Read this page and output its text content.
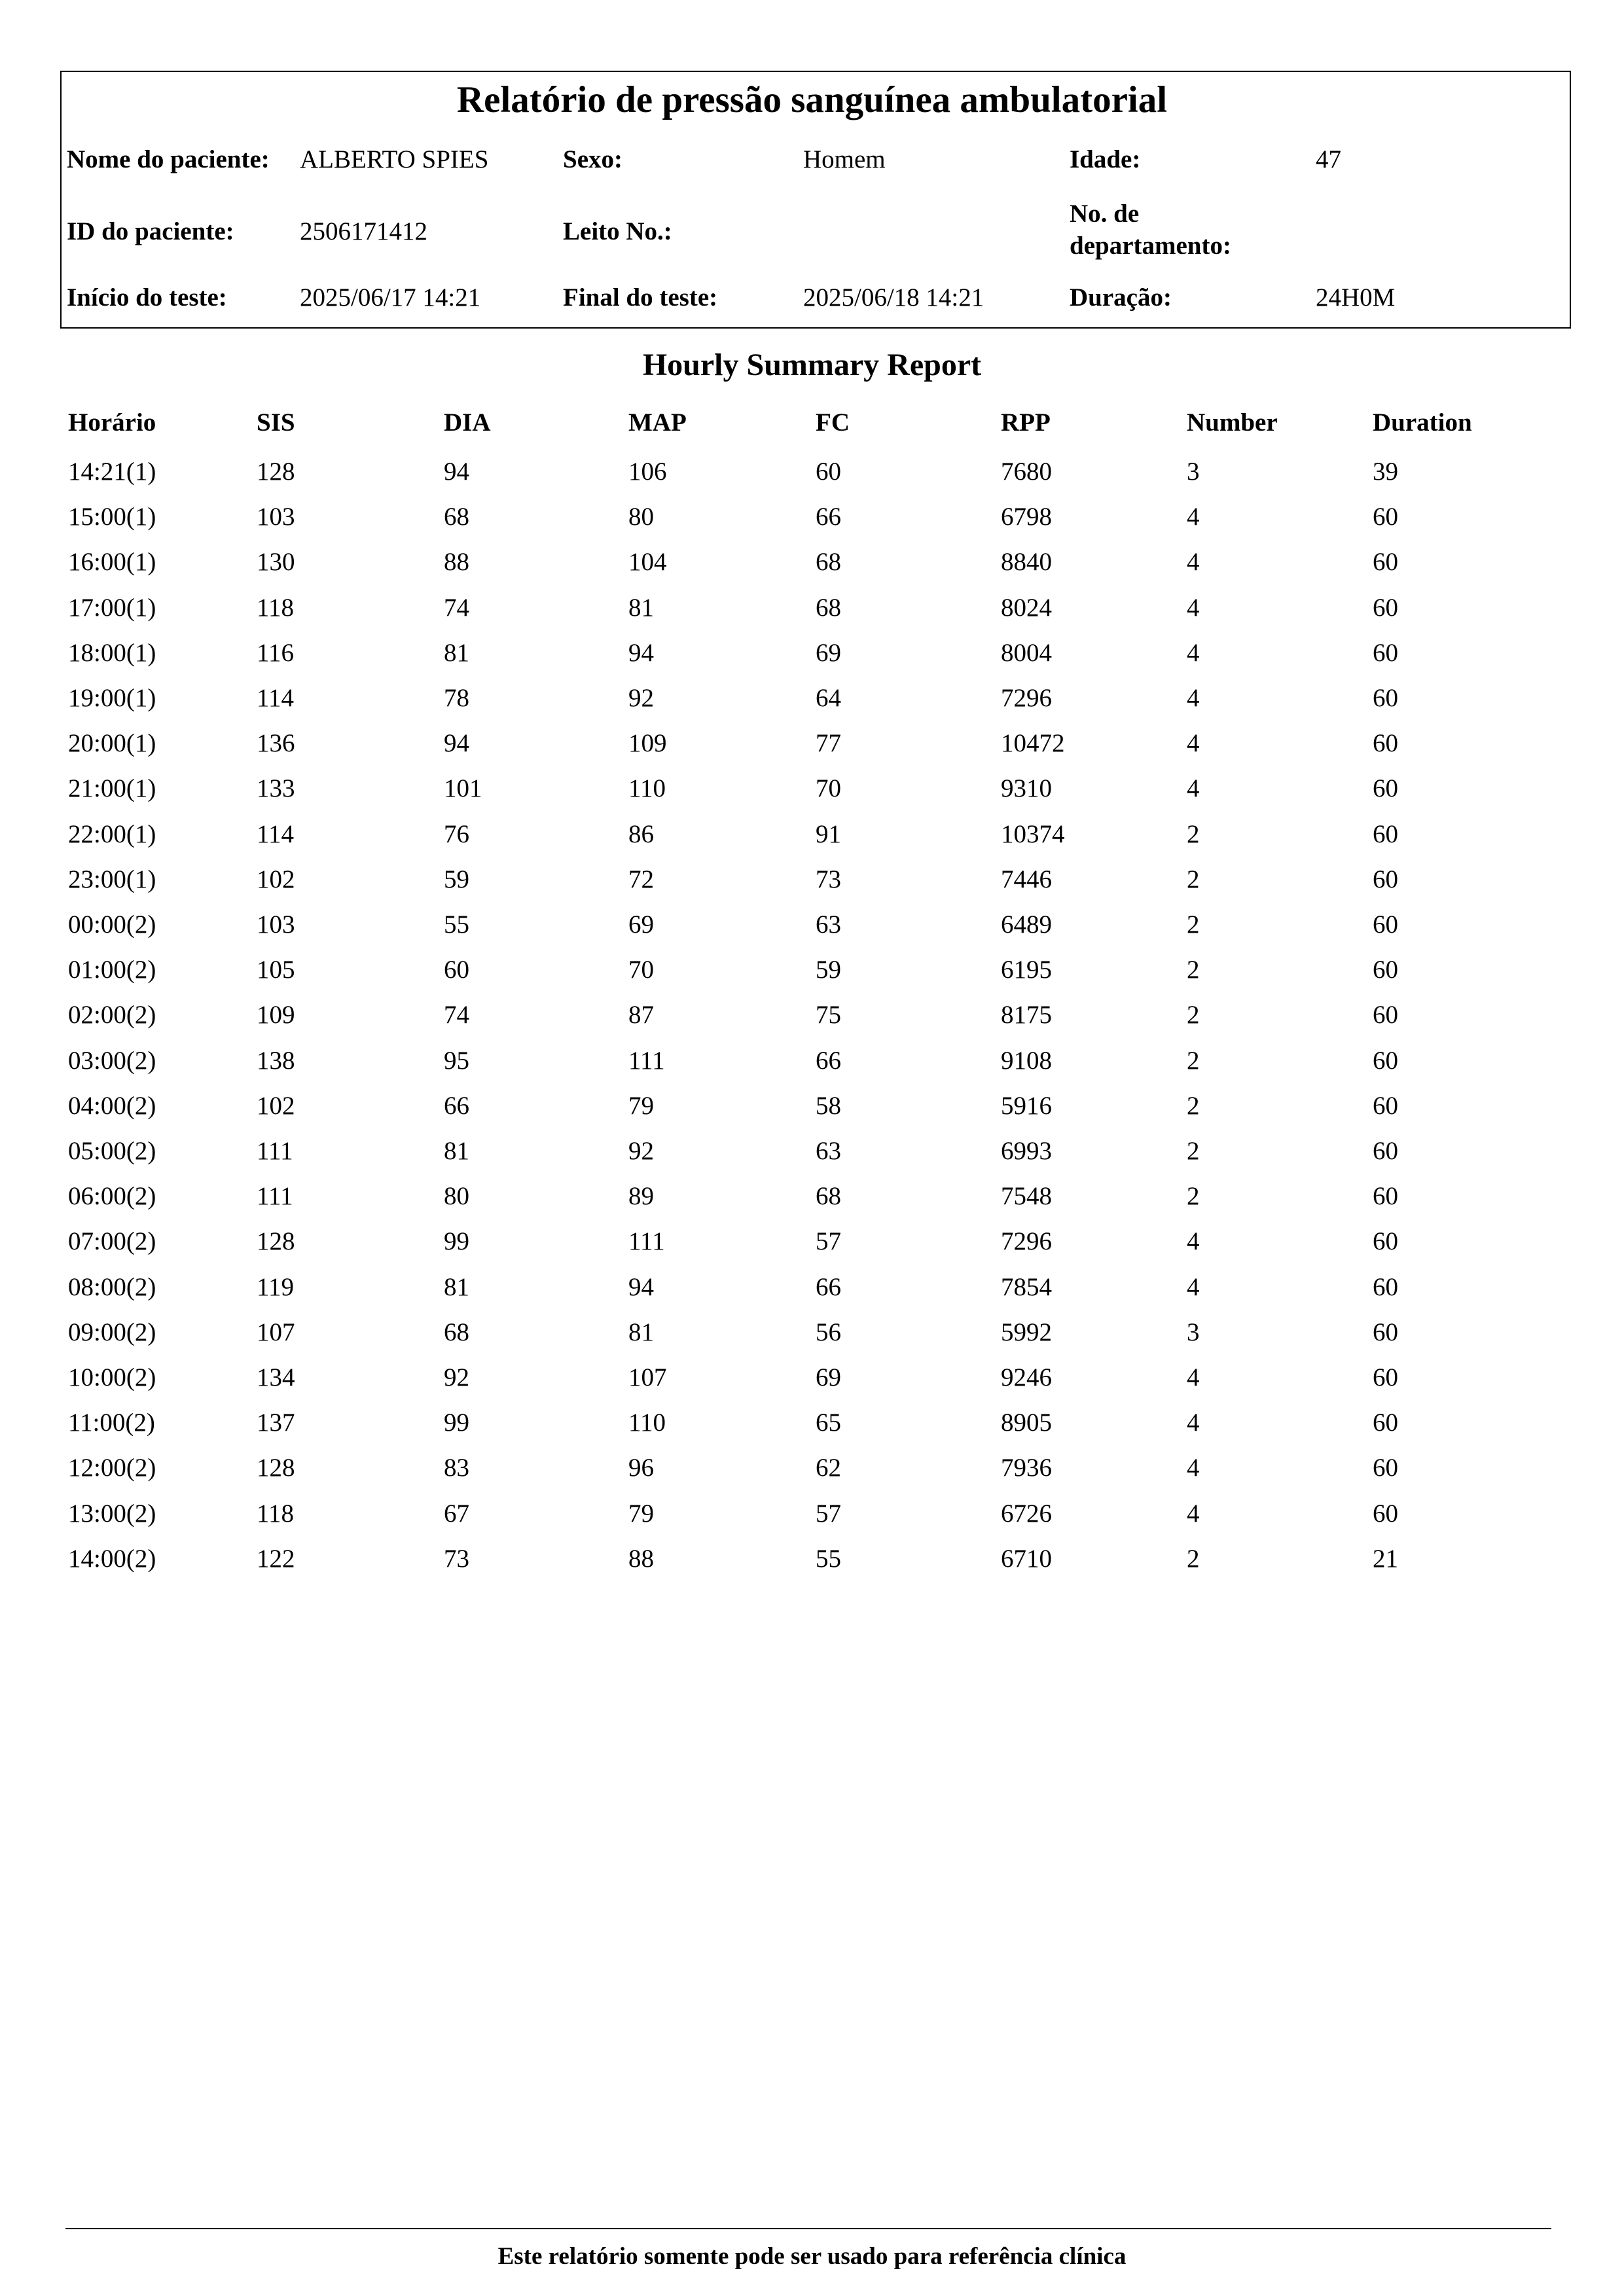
Relatório de pressão sanguínea ambulatorial
Nome do paciente: ALBERTO SPIES	Sexo:	Homem	Idade:	47
ID do paciente:	2506171412	Leito No.:
No. de
departamento:
Início do teste:	2025/06/17 14:21	Final do teste:	2025/06/18 14:21	Duração:	24H0M
Hourly Summary Report
Horário	SIS	DIA	MAP	FC	RPP	Number	Duration
14:21(1)	128	94	106	60	7680	3	39
15:00(1)	103	68	80	66	6798	4	60
16:00(1)	130	88	104	68	8840	4	60
17:00(1)	118	74	81	68	8024	4	60
18:00(1)	116	81	94	69	8004	4	60
19:00(1)	114	78	92	64	7296	4	60
20:00(1)	136	94	109	77	10472	4	60
21:00(1)	133	101	110	70	9310	4	60
22:00(1)	114	76	86	91	10374	2	60
23:00(1)	102	59	72	73	7446	2	60
00:00(2)	103	55	69	63	6489	2	60
01:00(2)	105	60	70	59	6195	2	60
02:00(2)	109	74	87	75	8175	2	60
03:00(2)	138	95	111	66	9108	2	60
04:00(2)	102	66	79	58	5916	2	60
05:00(2)	111	81	92	63	6993	2	60
06:00(2)	111	80	89	68	7548	2	60
07:00(2)	128	99	111	57	7296	4	60
08:00(2)	119	81	94	66	7854	4	60
09:00(2)	107	68	81	56	5992	3	60
10:00(2)	134	92	107	69	9246	4	60
11:00(2)	137	99	110	65	8905	4	60
12:00(2)	128	83	96	62	7936	4	60
13:00(2)	118	67	79	57	6726	4	60
14:00(2)	122	73	88	55	6710	2	21
Este relatório somente pode ser usado para referência clínica
